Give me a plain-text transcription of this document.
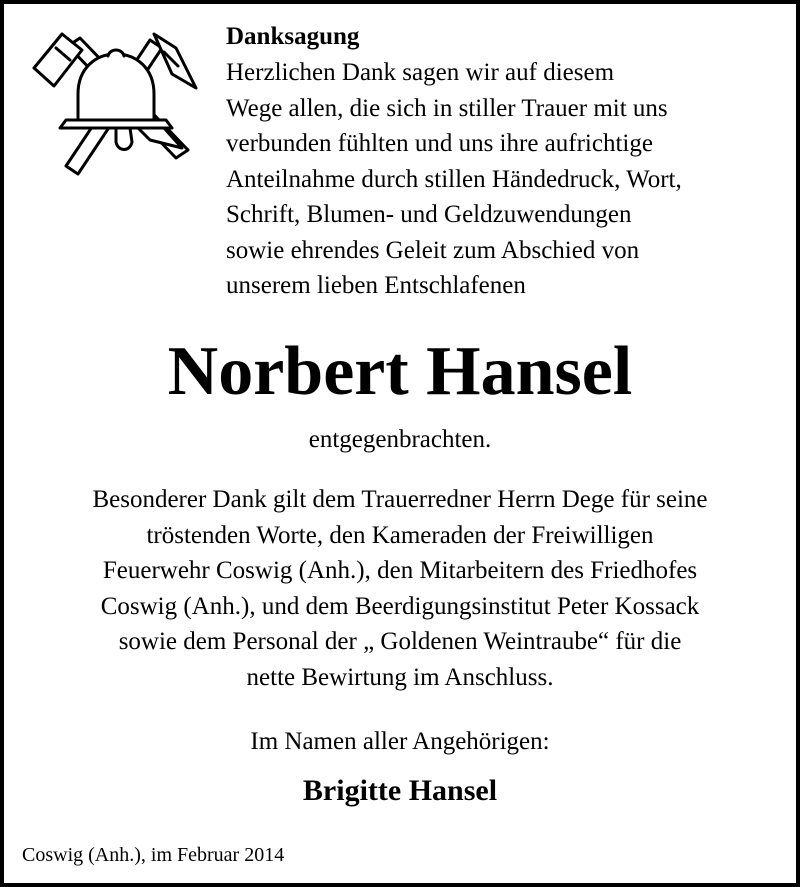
Danksagung

Herzlichen Dank sagen wir auf diesem
Wege allen, die sich in stiller Trauer mit uns
verbunden fühlten und uns ihre aufrichtige
Anteilnahme durch stillen Händedruck, Wort,
Schrift, Blumen- und Geldzuwendungen
sowie ehrendes Geleit zum Abschied von
unserem lieben Entschlafenen

Norbert Hansel
entgegenbrachten.
Besonderer Dank gilt dem Trauerredner Herrn Dege für seine
tröstenden Worte, den Kameraden der Freiwilligen
Feuerwehr Coswig (Anh.), den Mitarbeitern des Friedhofes
Coswig (Anh.), und dem Beerdigungsinstitut Peter Kossack
sowie dem Personal der „ Goldenen Weintraube“ für die
nette Bewirtung im Anschluss.
Im Namen aller Angehörigen:
Brigitte Hansel
Coswig (Anh.), im Februar 2014
